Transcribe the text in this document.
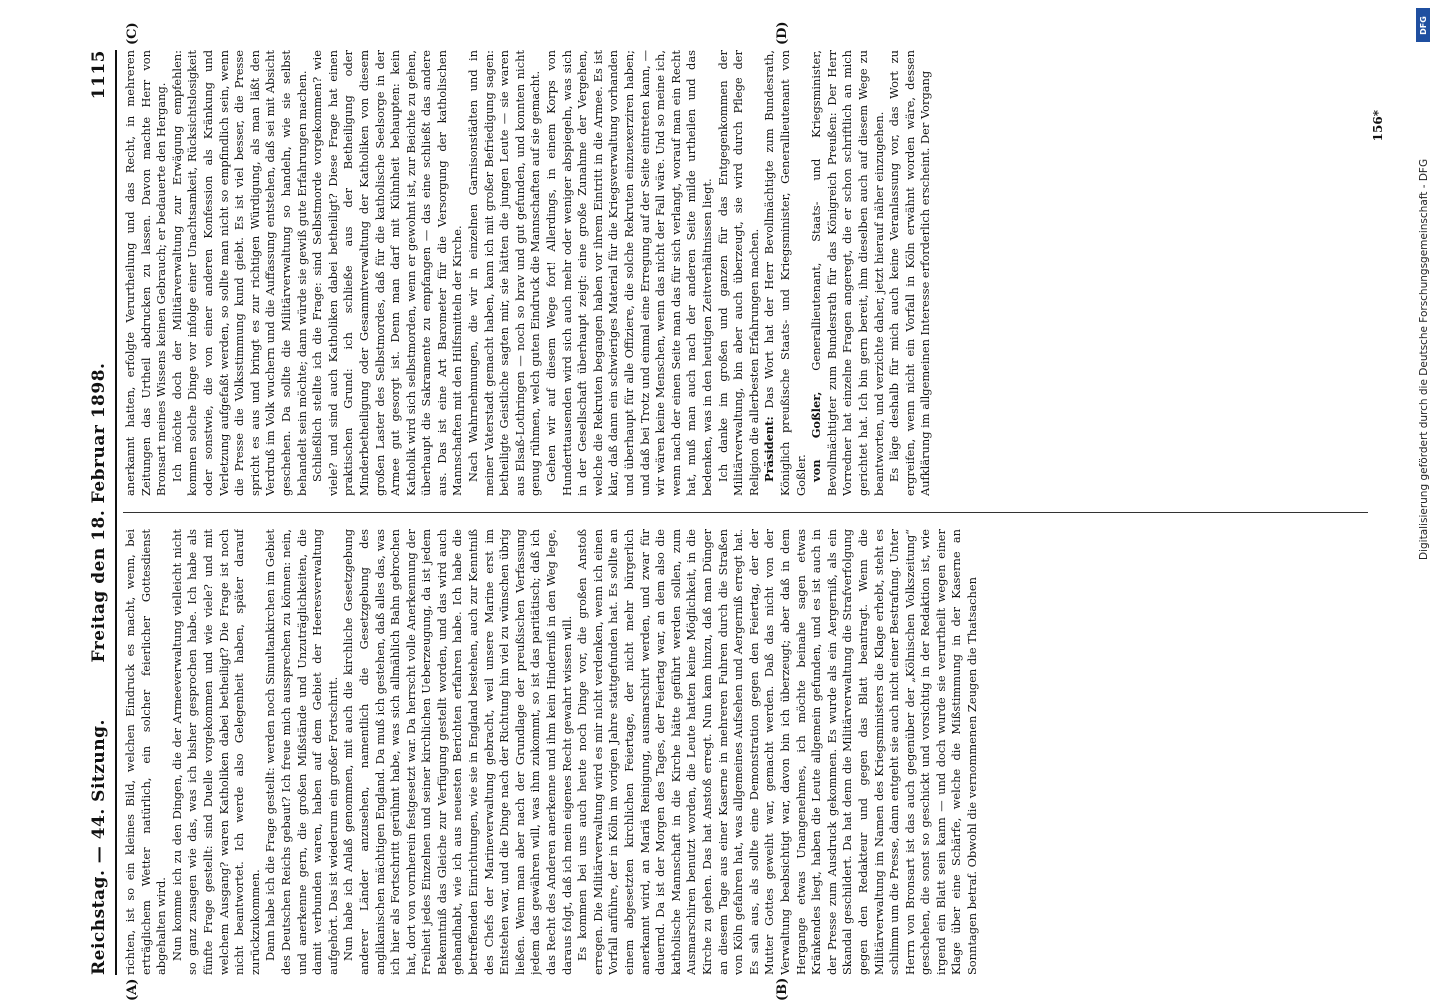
Reichstag. — 44. Sitzung.
Freitag den 18. Februar 1898.
1115
(A)	(B)
(C)	(D)

richten, ist so ein kleines Bild, welchen Eindruck es macht, wenn, bei erträglichem Wetter natürlich, ein solcher feierlicher Gottesdienst abgehalten wird. Nun komme ich zu den Dingen, die der Armeeverwaltung vielleicht nicht so ganz zusagen wie das, was ich bisher gesprochen habe. Ich habe als fünfte Frage gestellt: sind Duelle vorgekommen und wie viele? und mit welchem Ausgang? waren Katholiken dabei betheiligt? Die Frage ist noch nicht beantwortet. Ich werde also Gelegenheit haben, später darauf zurückzukommen. Dann habe ich die Frage gestellt: werden noch Simultankirchen im Gebiet des Deutschen Reichs gebaut? Ich freue mich aussprechen zu können: nein, und anerkenne gern, die großen Mißstände und Unzuträglichkeiten, die damit verbunden waren, haben auf dem Gebiet der Heeresverwaltung aufgehört. Das ist wiederum ein großer Fortschritt. Nun habe ich Anlaß genommen, mit auch die kirchliche Gesetzgebung anderer Länder anzusehen, namentlich die Gesetzgebung des anglikanischen mächtigen England. Da muß ich gestehen, daß alles das, was ich hier als Fortschritt gerühmt habe, was sich allmählich Bahn gebrochen hat, dort von vornherein festgesetzt war. Da herrscht volle Anerkennung der Freiheit jedes Einzelnen und seiner kirchlichen Ueberzeugung, da ist jedem Bekenntniß das Gleiche zur Verfügung gestellt worden, und das wird auch gehandhabt, wie ich aus neuesten Berichten erfahren habe. Ich habe die betreffenden Einrichtungen, wie sie in England bestehen, auch zur Kenntniß des Chefs der Marineverwaltung gebracht, weil unsere Marine erst im Entstehen war, und die Dinge nach der Richtung hin viel zu wünschen übrig ließen. Wenn man aber nach der Grundlage der preußischen Verfassung jedem das gewähren will, was ihm zukommt, so ist das paritätisch; daß ich das Recht des Anderen anerkenne und ihm kein Hinderniß in den Weg lege, daraus folgt, daß ich mein eigenes Recht gewahrt wissen will. Es kommen bei uns auch heute noch Dinge vor, die großen Anstoß erregen. Die Militärverwaltung wird es mir nicht verdenken, wenn ich einen Vorfall anführe, der in Köln im vorigen Jahre stattgefunden hat. Es sollte an einem abgesetzten kirchlichen Feiertage, der nicht mehr bürgerlich anerkannt wird, an Mariä Reinigung, ausmarschirt werden, und zwar für dauernd. Da ist der Morgen des Tages, der Feiertag war, an dem also die katholische Mannschaft in die Kirche hätte geführt werden sollen, zum Ausmarschiren benutzt worden, die Leute hatten keine Möglichkeit, in die Kirche zu gehen. Das hat Anstoß erregt. Nun kam hinzu, daß man Dünger an diesem Tage aus einer Kaserne in mehreren Fuhren durch die Straßen von Köln gefahren hat, was allgemeines Aufsehen und Aergerniß erregt hat. Es sah aus, als sollte eine Demonstration gegen den Feiertag, der der Mutter Gottes geweiht war, gemacht werden. Daß das nicht von der Verwaltung beabsichtigt war, davon bin ich überzeugt; aber daß in dem Hergange etwas Unangenehmes, ich möchte beinahe sagen etwas Kränkendes liegt, haben die Leute allgemein gefunden, und es ist auch in der Presse zum Ausdruck gekommen. Es wurde als ein Aergerniß, als ein Skandal geschildert. Da hat denn die Militärverwaltung die Strafverfolgung gegen den Redakteur und gegen das Blatt beantragt. Wenn die Militärverwaltung im Namen des Kriegsministers die Klage erhebt, steht es schlimm um die Presse, dann entgeht sie auch nicht einer Bestrafung. Unter Herrn von Bronsart ist das auch gegenüber der „Kölnischen Volkszeitung“ geschehen, die sonst so geschickt und vorsichtig in der Redaktion ist, wie irgend ein Blatt sein kann — und doch wurde sie verurtheilt wegen einer Klage über eine Schärfe, welche die Mißstimmung in der Kaserne an Sonntagen betraf. Obwohl die vernommenen Zeugen die Thatsachen

anerkannt hatten, erfolgte Verurtheilung und das Recht, in mehreren Zeitungen das Urtheil abdrucken zu lassen. Davon machte Herr von Bronsart meines Wissens keinen Gebrauch; er bedauerte den Hergang. Ich möchte doch der Militärverwaltung zur Erwägung empfehlen: kommen solche Dinge vor infolge einer Unachtsamkeit, Rücksichtslosigkeit oder sonstwie, die von einer anderen Konfession als Kränkung und Verletzung aufgefaßt werden, so sollte man nicht so empfindlich sein, wenn die Presse die Volksstimmung kund giebt. Es ist viel besser, die Presse spricht es aus und bringt es zur richtigen Würdigung, als man läßt den Verdruß im Volk wuchern und die Auffassung entstehen, daß sei mit Absicht geschehen. Da sollte die Militärverwaltung so handeln, wie sie selbst behandelt sein möchte; dann würde sie gewiß gute Erfahrungen machen. Schließlich stellte ich die Frage: sind Selbstmorde vorgekommen? wie viele? und sind auch Katholiken dabei betheiligt? Diese Frage hat einen praktischen Grund: ich schließe aus der Betheiligung oder Minderbetheiligung oder Gesammtverwaltung der Katholiken von diesem großen Laster des Selbstmordes, daß für die katholische Seelsorge in der Armee gut gesorgt ist. Denn man darf mit Kühnheit behaupten: kein Katholik wird sich selbstmorden, wenn er gewohnt ist, zur Beichte zu gehen, überhaupt die Sakramente zu empfangen — das eine schließt das andere aus. Das ist eine Art Barometer für die Versorgung der katholischen Mannschaften mit den Hilfsmitteln der Kirche. Nach Wahrnehmungen, die wir in einzelnen Garnisonstädten und in meiner Vaterstadt gemacht haben, kann ich mit großer Befriedigung sagen: betheiligte Geistliche sagten mir, sie hätten die jungen Leute — sie waren aus Elsaß-Lothringen — noch so brav und gut gefunden, und konnten nicht genug rühmen, welch guten Eindruck die Mannschaften auf sie gemacht. Gehen wir auf diesem Wege fort! Allerdings, in einem Korps von Hunderttausenden wird sich auch mehr oder weniger abspiegeln, was sich in der Gesellschaft überhaupt zeigt: eine große Zunahme der Vergehen, welche die Rekruten begangen haben vor ihrem Eintritt in die Armee. Es ist klar, daß dann ein schwieriges Material für die Kriegsverwaltung vorhanden und überhaupt für alle Offiziere, die solche Rekruten einzuexerziren haben; und daß bei Trotz und einmal eine Erregung auf der Seite eintreten kann, — wir wären keine Menschen, wenn das nicht der Fall wäre. Und so meine ich, wenn nach der einen Seite man das für sich verlangt, worauf man ein Recht hat, muß man auch nach der anderen Seite milde urtheilen und das bedenken, was in den heutigen Zeitverhältnissen liegt. Ich danke im großen und ganzen für das Entgegenkommen der Militärverwaltung, bin aber auch überzeugt, sie wird durch Pflege der Religion die allerbesten Erfahrungen machen. Präsident: Das Wort hat der Herr Bevollmächtigte zum Bundesrath, Königlich preußische Staats- und Kriegsminister, Generallieutenant von Goßler. von Goßler, Generallieutenant, Staats- und Kriegsminister, Bevollmächtigter zum Bundesrath für das Königreich Preußen: Der Herr Vorredner hat einzelne Fragen angeregt, die er schon schriftlich an mich gerichtet hat. Ich bin gern bereit, ihm dieselben auch auf diesem Wege zu beantworten, und verzichte daher, jetzt hierauf näher einzugehen. Es läge deshalb für mich auch keine Veranlassung vor, das Wort zu ergreifen, wenn nicht ein Vorfall in Köln erwähnt worden wäre, dessen Aufklärung im allgemeinen Interesse erforderlich erscheint. Der Vorgang	156*
DFG
Digitalisierung gefördert durch die Deutsche Forschungsgemeinschaft - DFG
